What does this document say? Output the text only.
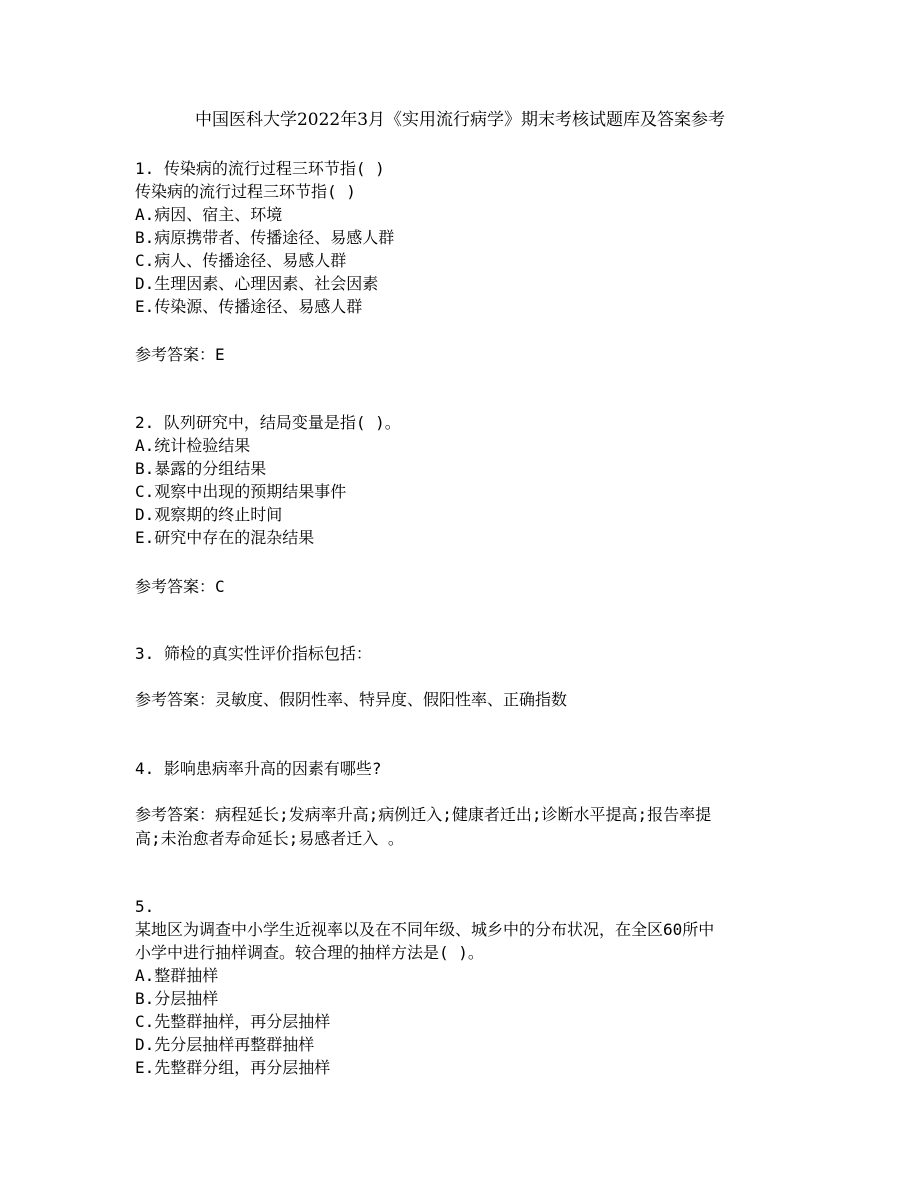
中国医科大学2022年3月《实用流行病学》期末考核试题库及答案参考
1. 传染病的流行过程三环节指( )
传染病的流行过程三环节指( )
A.病因、宿主、环境
B.病原携带者、传播途径、易感人群
C.病人、传播途径、易感人群
D.生理因素、心理因素、社会因素
E.传染源、传播途径、易感人群
参考答案：E
2. 队列研究中，结局变量是指( )。
A.统计检验结果
B.暴露的分组结果
C.观察中出现的预期结果事件
D.观察期的终止时间
E.研究中存在的混杂结果
参考答案：C
3. 筛检的真实性评价指标包括：
参考答案：灵敏度、假阴性率、特异度、假阳性率、正确指数
4. 影响患病率升高的因素有哪些?
参考答案：病程延长;发病率升高;病例迁入;健康者迁出;诊断水平提高;报告率提
高;未治愈者寿命延长;易感者迁入 。
5.
某地区为调查中小学生近视率以及在不同年级、城乡中的分布状况，在全区60所中
小学中进行抽样调查。较合理的抽样方法是( )。
A.整群抽样
B.分层抽样
C.先整群抽样，再分层抽样
D.先分层抽样再整群抽样
E.先整群分组，再分层抽样
